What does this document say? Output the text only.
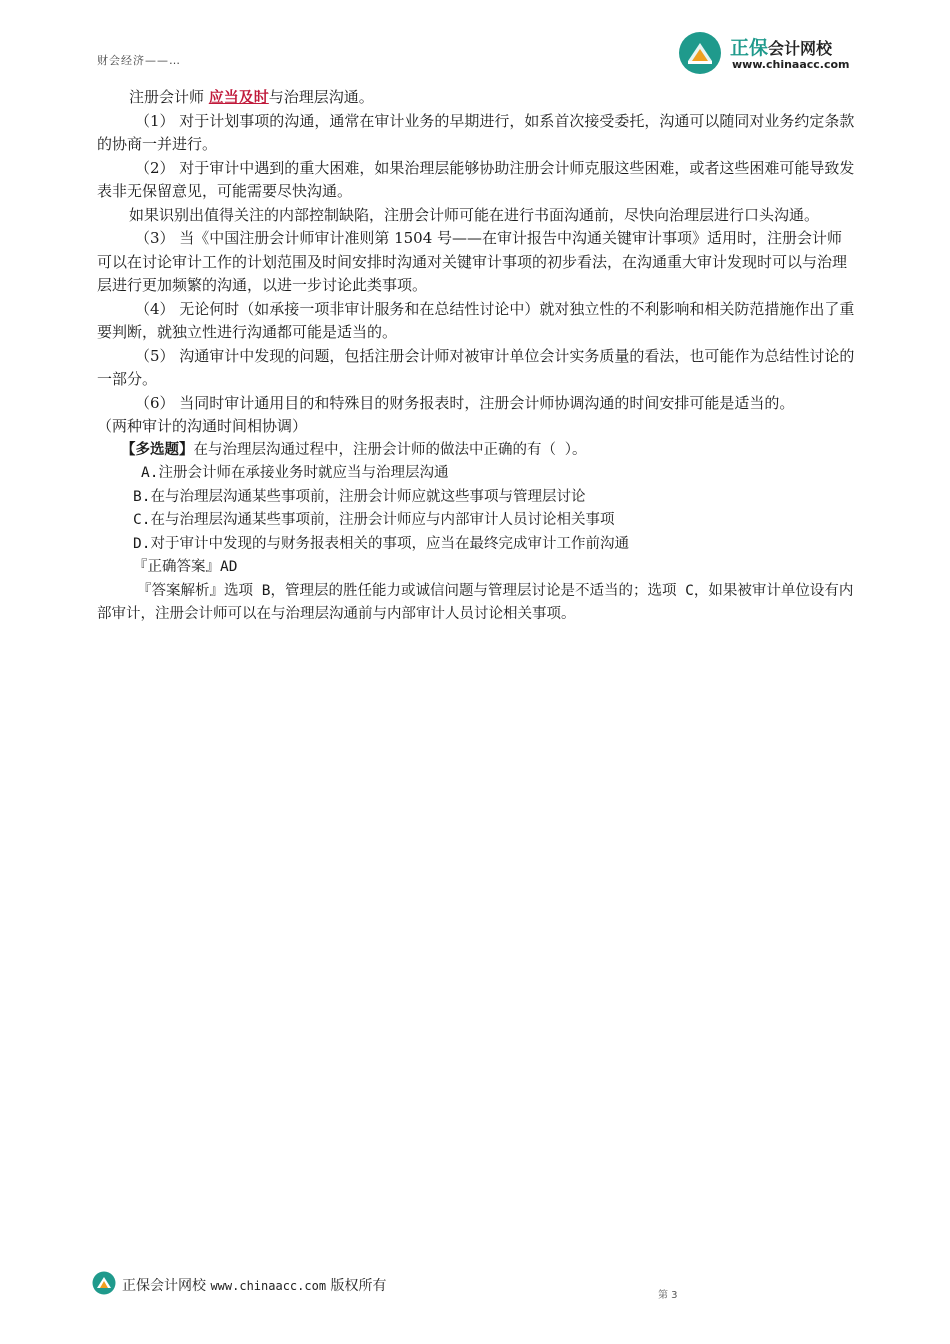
财会经济——…
正保会计网校
www.chinaacc.com

注册会计师 应当及时与治理层沟通。

（1） 对于计划事项的沟通，通常在审计业务的早期进行，如系首次接受委托，沟通可以随同对业务约定条款的协商一并进行。

（2） 对于审计中遇到的重大困难，如果治理层能够协助注册会计师克服这些困难，或者这些困难可能导致发表非无保留意见，可能需要尽快沟通。

如果识别出值得关注的内部控制缺陷，注册会计师可能在进行书面沟通前，尽快向治理层进行口头沟通。

（3） 当《中国注册会计师审计准则第 1504 号——在审计报告中沟通关键审计事项》适用时，注册会计师可以在讨论审计工作的计划范围及时间安排时沟通对关键审计事项的初步看法，在沟通重大审计发现时可以与治理层进行更加频繁的沟通，以进一步讨论此类事项。

（4） 无论何时（如承接一项非审计服务和在总结性讨论中）就对独立性的不利影响和相关防范措施作出了重要判断，就独立性进行沟通都可能是适当的。

（5） 沟通审计中发现的问题，包括注册会计师对被审计单位会计实务质量的看法，也可能作为总结性讨论的一部分。

（6） 当同时审计通用目的和特殊目的财务报表时，注册会计师协调沟通的时间安排可能是适当的。

（两种审计的沟通时间相协调）

【多选题】在与治理层沟通过程中，注册会计师的做法中正确的有（ ）。

A.注册会计师在承接业务时就应当与治理层沟通

B.在与治理层沟通某些事项前，注册会计师应就这些事项与管理层讨论

C.在与治理层沟通某些事项前，注册会计师应与内部审计人员讨论相关事项

D.对于审计中发现的与财务报表相关的事项，应当在最终完成审计工作前沟通

『正确答案』AD

『答案解析』选项 B，管理层的胜任能力或诚信问题与管理层讨论是不适当的；选项 C，如果被审计单位设有内部审计，注册会计师可以在与治理层沟通前与内部审计人员讨论相关事项。

正保会计网校 www.chinaacc.com 版权所有
第 3
